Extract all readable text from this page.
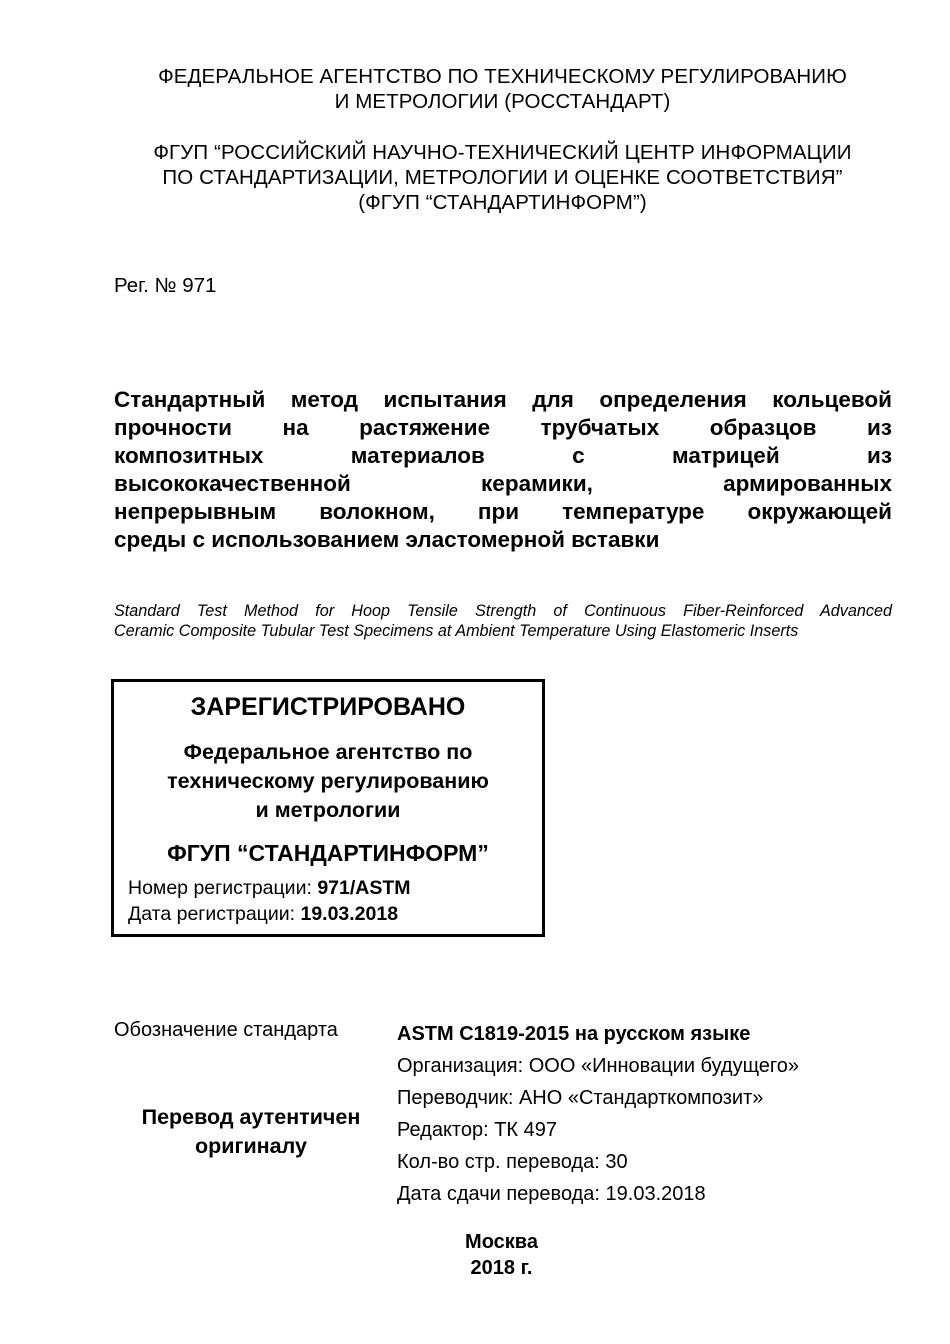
ФЕДЕРАЛЬНОЕ АГЕНТСТВО ПО ТЕХНИЧЕСКОМУ РЕГУЛИРОВАНИЮ
И МЕТРОЛОГИИ (РОССТАНДАРТ)
ФГУП “РОССИЙСКИЙ НАУЧНО-ТЕХНИЧЕСКИЙ ЦЕНТР ИНФОРМАЦИИ
ПО СТАНДАРТИЗАЦИИ, МЕТРОЛОГИИ И ОЦЕНКЕ СООТВЕТСТВИЯ”
(ФГУП “СТАНДАРТИНФОРМ”)
Рег. № 971
Стандартный метод испытания для определения кольцевой
прочности на растяжение трубчатых образцов из
композитных материалов с матрицей из
высококачественной керамики, армированных
непрерывным волокном, при температуре окружающей
среды с использованием эластомерной вставки
Standard Test Method for Hoop Tensile Strength of Continuous Fiber-Reinforced Advanced
Ceramic Composite Tubular Test Specimens at Ambient Temperature Using Elastomeric Inserts
ЗАРЕГИСТРИРОВАНО
Федеральное агентство по
техническому регулированию
и метрологии
ФГУП “СТАНДАРТИНФОРМ”
Номер регистрации: 971/ASTM
Дата регистрации: 19.03.2018
Обозначение стандарта
Перевод аутентичен
оригиналу
ASTM C1819-2015 на русском языке
Организация: ООО «Инновации будущего»
Переводчик: АНО «Стандарткомпозит»
Редактор: ТК 497
Кол-во стр. перевода: 30
Дата сдачи перевода: 19.03.2018
Москва
2018 г.
